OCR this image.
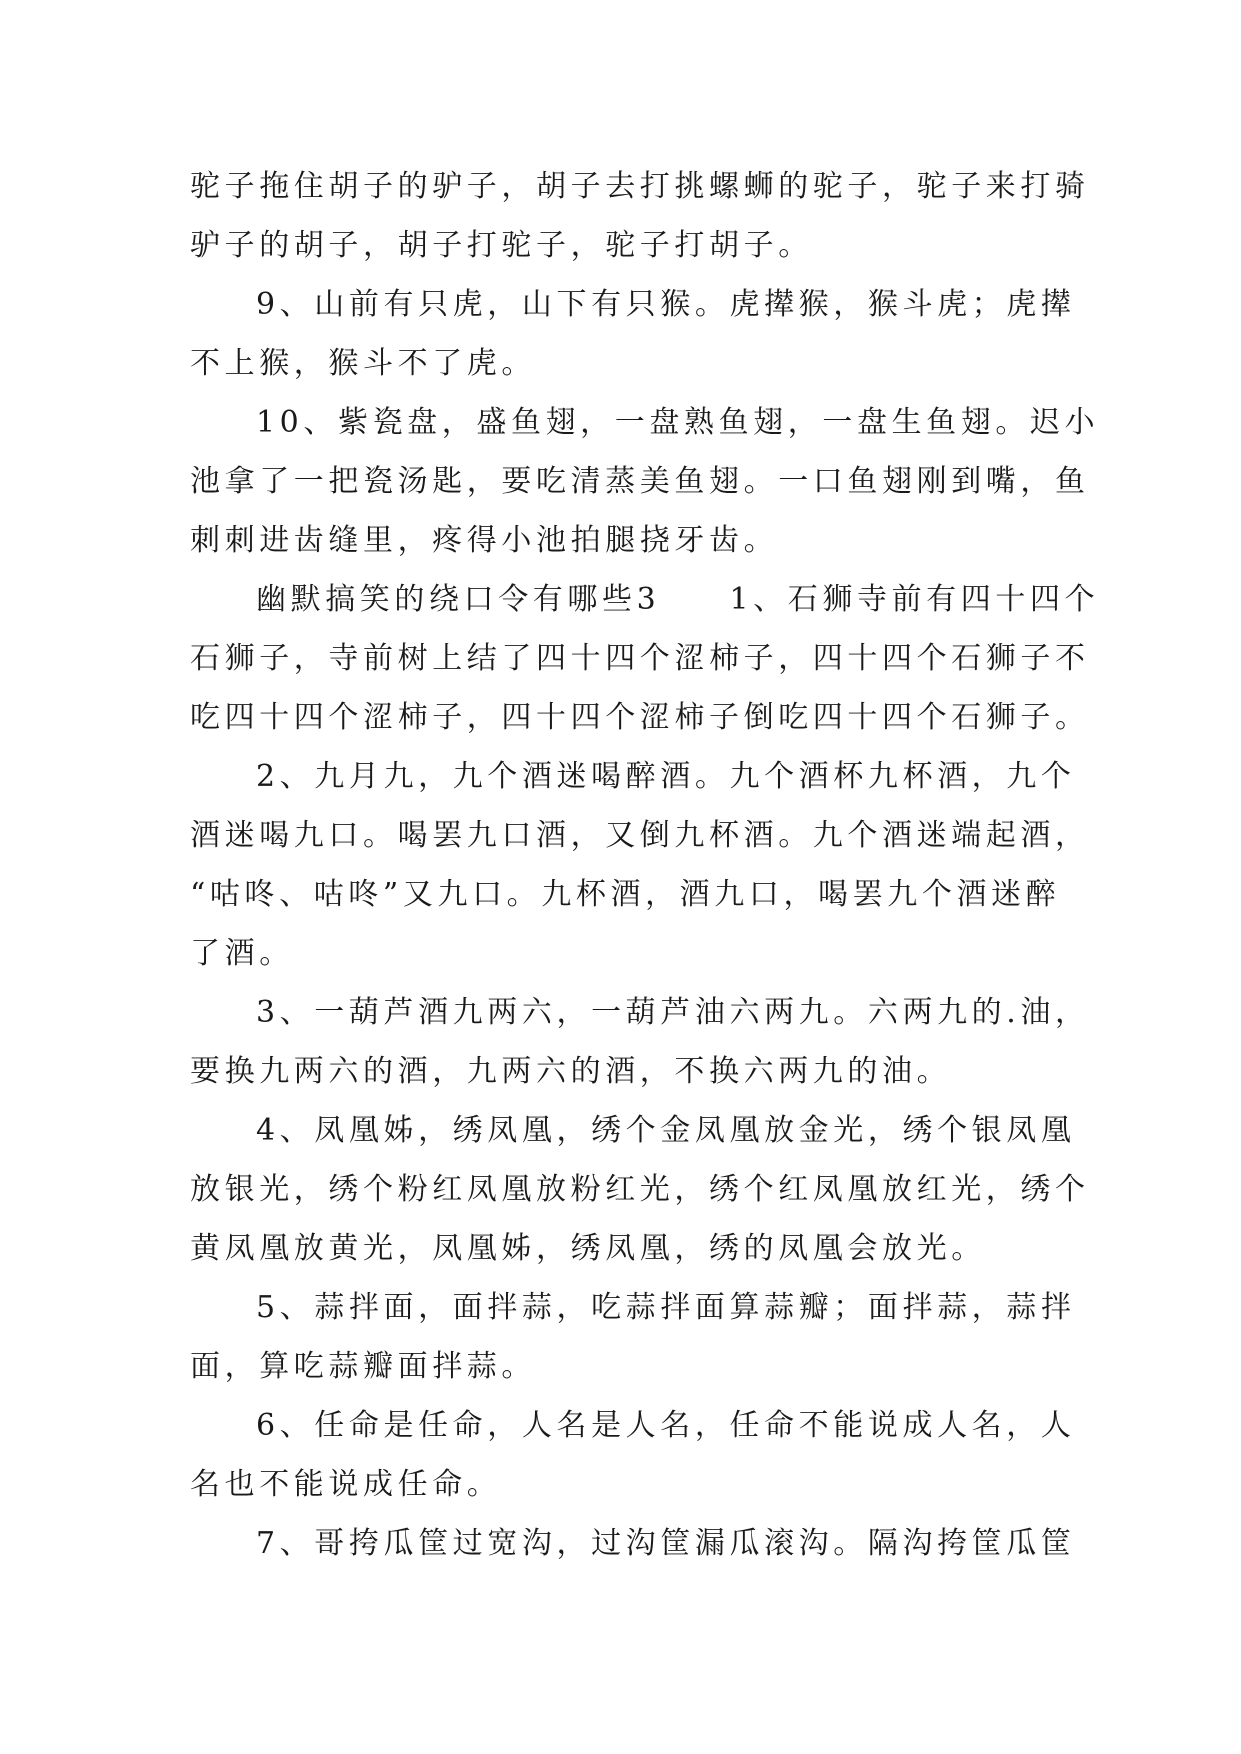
驼子拖住胡子的驴子，胡子去打挑螺蛳的驼子，驼子来打骑
驴子的胡子，胡子打驼子，驼子打胡子。
9、山前有只虎，山下有只猴。虎撵猴，猴斗虎；虎撵
不上猴，猴斗不了虎。
10、紫瓷盘，盛鱼翅，一盘熟鱼翅，一盘生鱼翅。迟小
池拿了一把瓷汤匙，要吃清蒸美鱼翅。一口鱼翅刚到嘴，鱼
刺刺进齿缝里，疼得小池拍腿挠牙齿。
幽默搞笑的绕口令有哪些3　　1、石狮寺前有四十四个
石狮子，寺前树上结了四十四个涩柿子，四十四个石狮子不
吃四十四个涩柿子，四十四个涩柿子倒吃四十四个石狮子。
2、九月九，九个酒迷喝醉酒。九个酒杯九杯酒，九个
酒迷喝九口。喝罢九口酒，又倒九杯酒。九个酒迷端起酒，
“咕咚、咕咚”又九口。九杯酒，酒九口，喝罢九个酒迷醉
了酒。
3、一葫芦酒九两六，一葫芦油六两九。六两九的.油，
要换九两六的酒，九两六的酒，不换六两九的油。
4、凤凰姊，绣凤凰，绣个金凤凰放金光，绣个银凤凰
放银光，绣个粉红凤凰放粉红光，绣个红凤凰放红光，绣个
黄凤凰放黄光，凤凰姊，绣凤凰，绣的凤凰会放光。
5、蒜拌面，面拌蒜，吃蒜拌面算蒜瓣；面拌蒜，蒜拌
面，算吃蒜瓣面拌蒜。
6、任命是任命，人名是人名，任命不能说成人名，人
名也不能说成任命。
7、哥挎瓜筐过宽沟，过沟筐漏瓜滚沟。隔沟挎筐瓜筐
